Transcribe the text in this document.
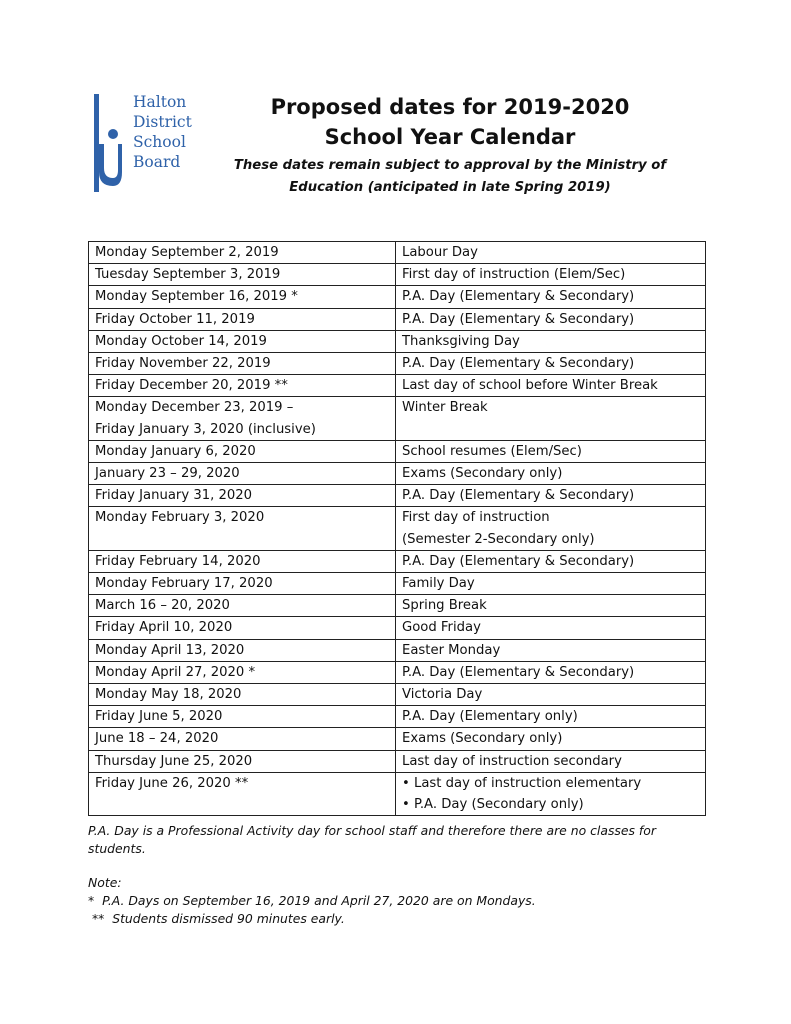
Halton
District
School
Board
Proposed dates for 2019-2020
School Year Calendar
These dates remain subject to approval by the Ministry of
Education (anticipated in late Spring 2019)
Monday September 2, 2019	Labour Day

Tuesday September 3, 2019	First day of instruction (Elem/Sec)

Monday September 16, 2019 *	P.A. Day (Elementary & Secondary)

Friday October 11, 2019	P.A. Day (Elementary & Secondary)

Monday October 14, 2019	Thanksgiving Day

Friday November 22, 2019	P.A. Day (Elementary & Secondary)

Friday December 20, 2019 **	Last day of school before Winter Break

Monday December 23, 2019 –
Friday January 3, 2020 (inclusive)	Winter Break

Monday January 6, 2020	School resumes (Elem/Sec)

January 23 – 29, 2020	Exams (Secondary only)

Friday January 31, 2020	P.A. Day (Elementary & Secondary)

Monday February 3, 2020	First day of instruction
(Semester 2-Secondary only)

Friday February 14, 2020	P.A. Day (Elementary & Secondary)

Monday February 17, 2020	Family Day

March 16 – 20, 2020	Spring Break

Friday April 10, 2020	Good Friday

Monday April 13, 2020	Easter Monday

Monday April 27, 2020 *	P.A. Day (Elementary & Secondary)

Monday May 18, 2020	Victoria Day

Friday June 5, 2020	P.A. Day (Elementary only)

June 18 – 24, 2020	Exams (Secondary only)

Thursday June 25, 2020	Last day of instruction secondary

Friday June 26, 2020 **	• Last day of instruction elementary
• P.A. Day (Secondary only)
P.A. Day is a Professional Activity day for school staff and therefore there are no classes for
students.
Note:
*  P.A. Days on September 16, 2019 and April 27, 2020 are on Mondays.
**  Students dismissed 90 minutes early.
